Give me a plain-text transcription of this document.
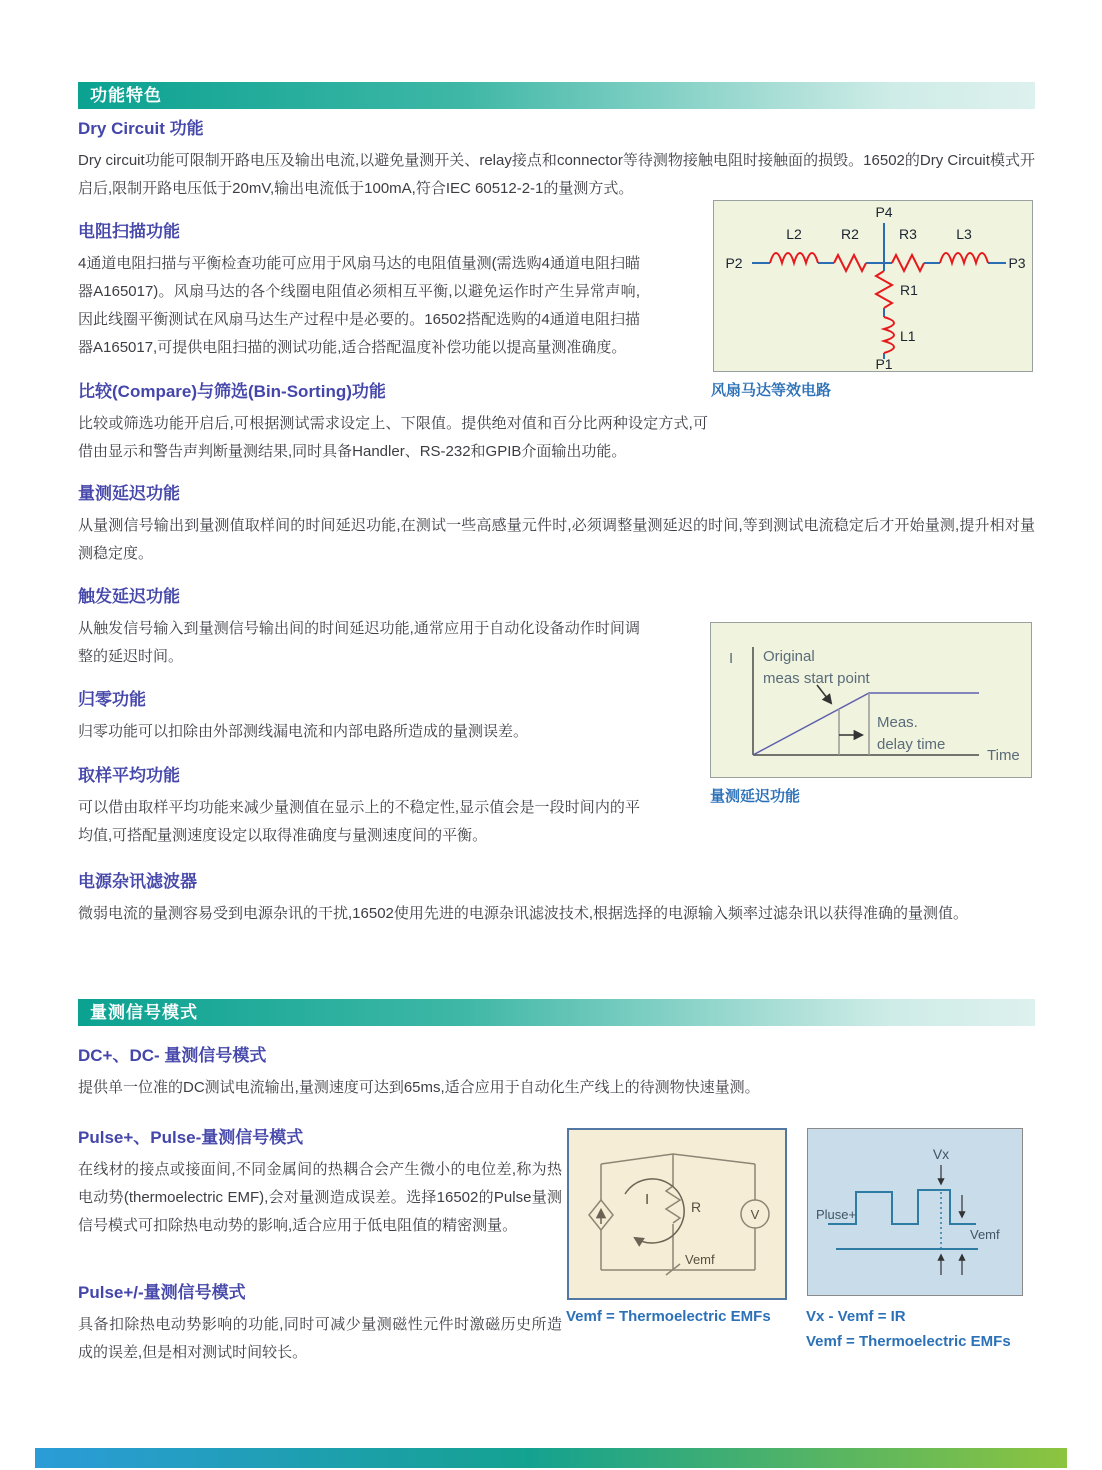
功能特色
Dry Circuit 功能
Dry circuit功能可限制开路电压及输出电流,以避免量测开关、relay接点和connector等待测物接触电阻时接触面的损毁。16502的Dry Circuit模式开启后,限制开路电压低于20mV,输出电流低于100mA,符合IEC 60512-2-1的量测方式。
电阻扫描功能
4通道电阻扫描与平衡检查功能可应用于风扇马达的电阻值量测(需选购4通道电阻扫瞄器A165017)。风扇马达的各个线圈电阻值必须相互平衡,以避免运作时产生异常声响,因此线圈平衡测试在风扇马达生产过程中是必要的。16502搭配选购的4通道电阻扫描器A165017,可提供电阻扫描的测试功能,适合搭配温度补偿功能以提高量测准确度。
P4
P2	P3
P1
L2	R2	R3	L3
R1
L1
风扇马达等效电路
比较(Compare)与筛选(Bin-Sorting)功能
比较或筛选功能开启后,可根据测试需求设定上、下限值。提供绝对值和百分比两种设定方式,可借由显示和警告声判断量测结果,同时具备Handler、RS-232和GPIB介面输出功能。
量测延迟功能
从量测信号输出到量测值取样间的时间延迟功能,在测试一些高感量元件时,必须调整量测延迟的时间,等到测试电流稳定后才开始量测,提升相对量测稳定度。
触发延迟功能
从触发信号输入到量测信号输出间的时间延迟功能,通常应用于自动化设备动作时间调整的延迟时间。	I
Time
Original
meas start point
Meas.
delay time
量测延迟功能
归零功能
归零功能可以扣除由外部测线漏电流和内部电路所造成的量测误差。
取样平均功能
可以借由取样平均功能来减少量测值在显示上的不稳定性,显示值会是一段时间内的平均值,可搭配量测速度设定以取得准确度与量测速度间的平衡。
电源杂讯滤波器
微弱电流的量测容易受到电源杂讯的干扰,16502使用先进的电源杂讯滤波技术,根据选择的电源输入频率过滤杂讯以获得准确的量测值。
量测信号模式
DC+、DC- 量测信号模式
提供单一位准的DC测试电流输出,量测速度可达到65ms,适合应用于自动化生产线上的待测物快速量测。
Pulse+、Pulse-量测信号模式
在线材的接点或接面间,不同金属间的热耦合会产生微小的电位差,称为热电动势(thermoelectric EMF),会对量测造成误差。选择16502的Pulse量测信号模式可扣除热电动势的影响,适合应用于低电阻值的精密测量。
Pulse+/-量测信号模式
具备扣除热电动势影响的功能,同时可减少量测磁性元件时激磁历史所造成的误差,但是相对测试时间较长。
I	R	V
Vemf
Vemf = Thermoelectric EMFs
Pluse+
Vx
Vemf
Vx - Vemf = IR
Vemf = Thermoelectric EMFs
